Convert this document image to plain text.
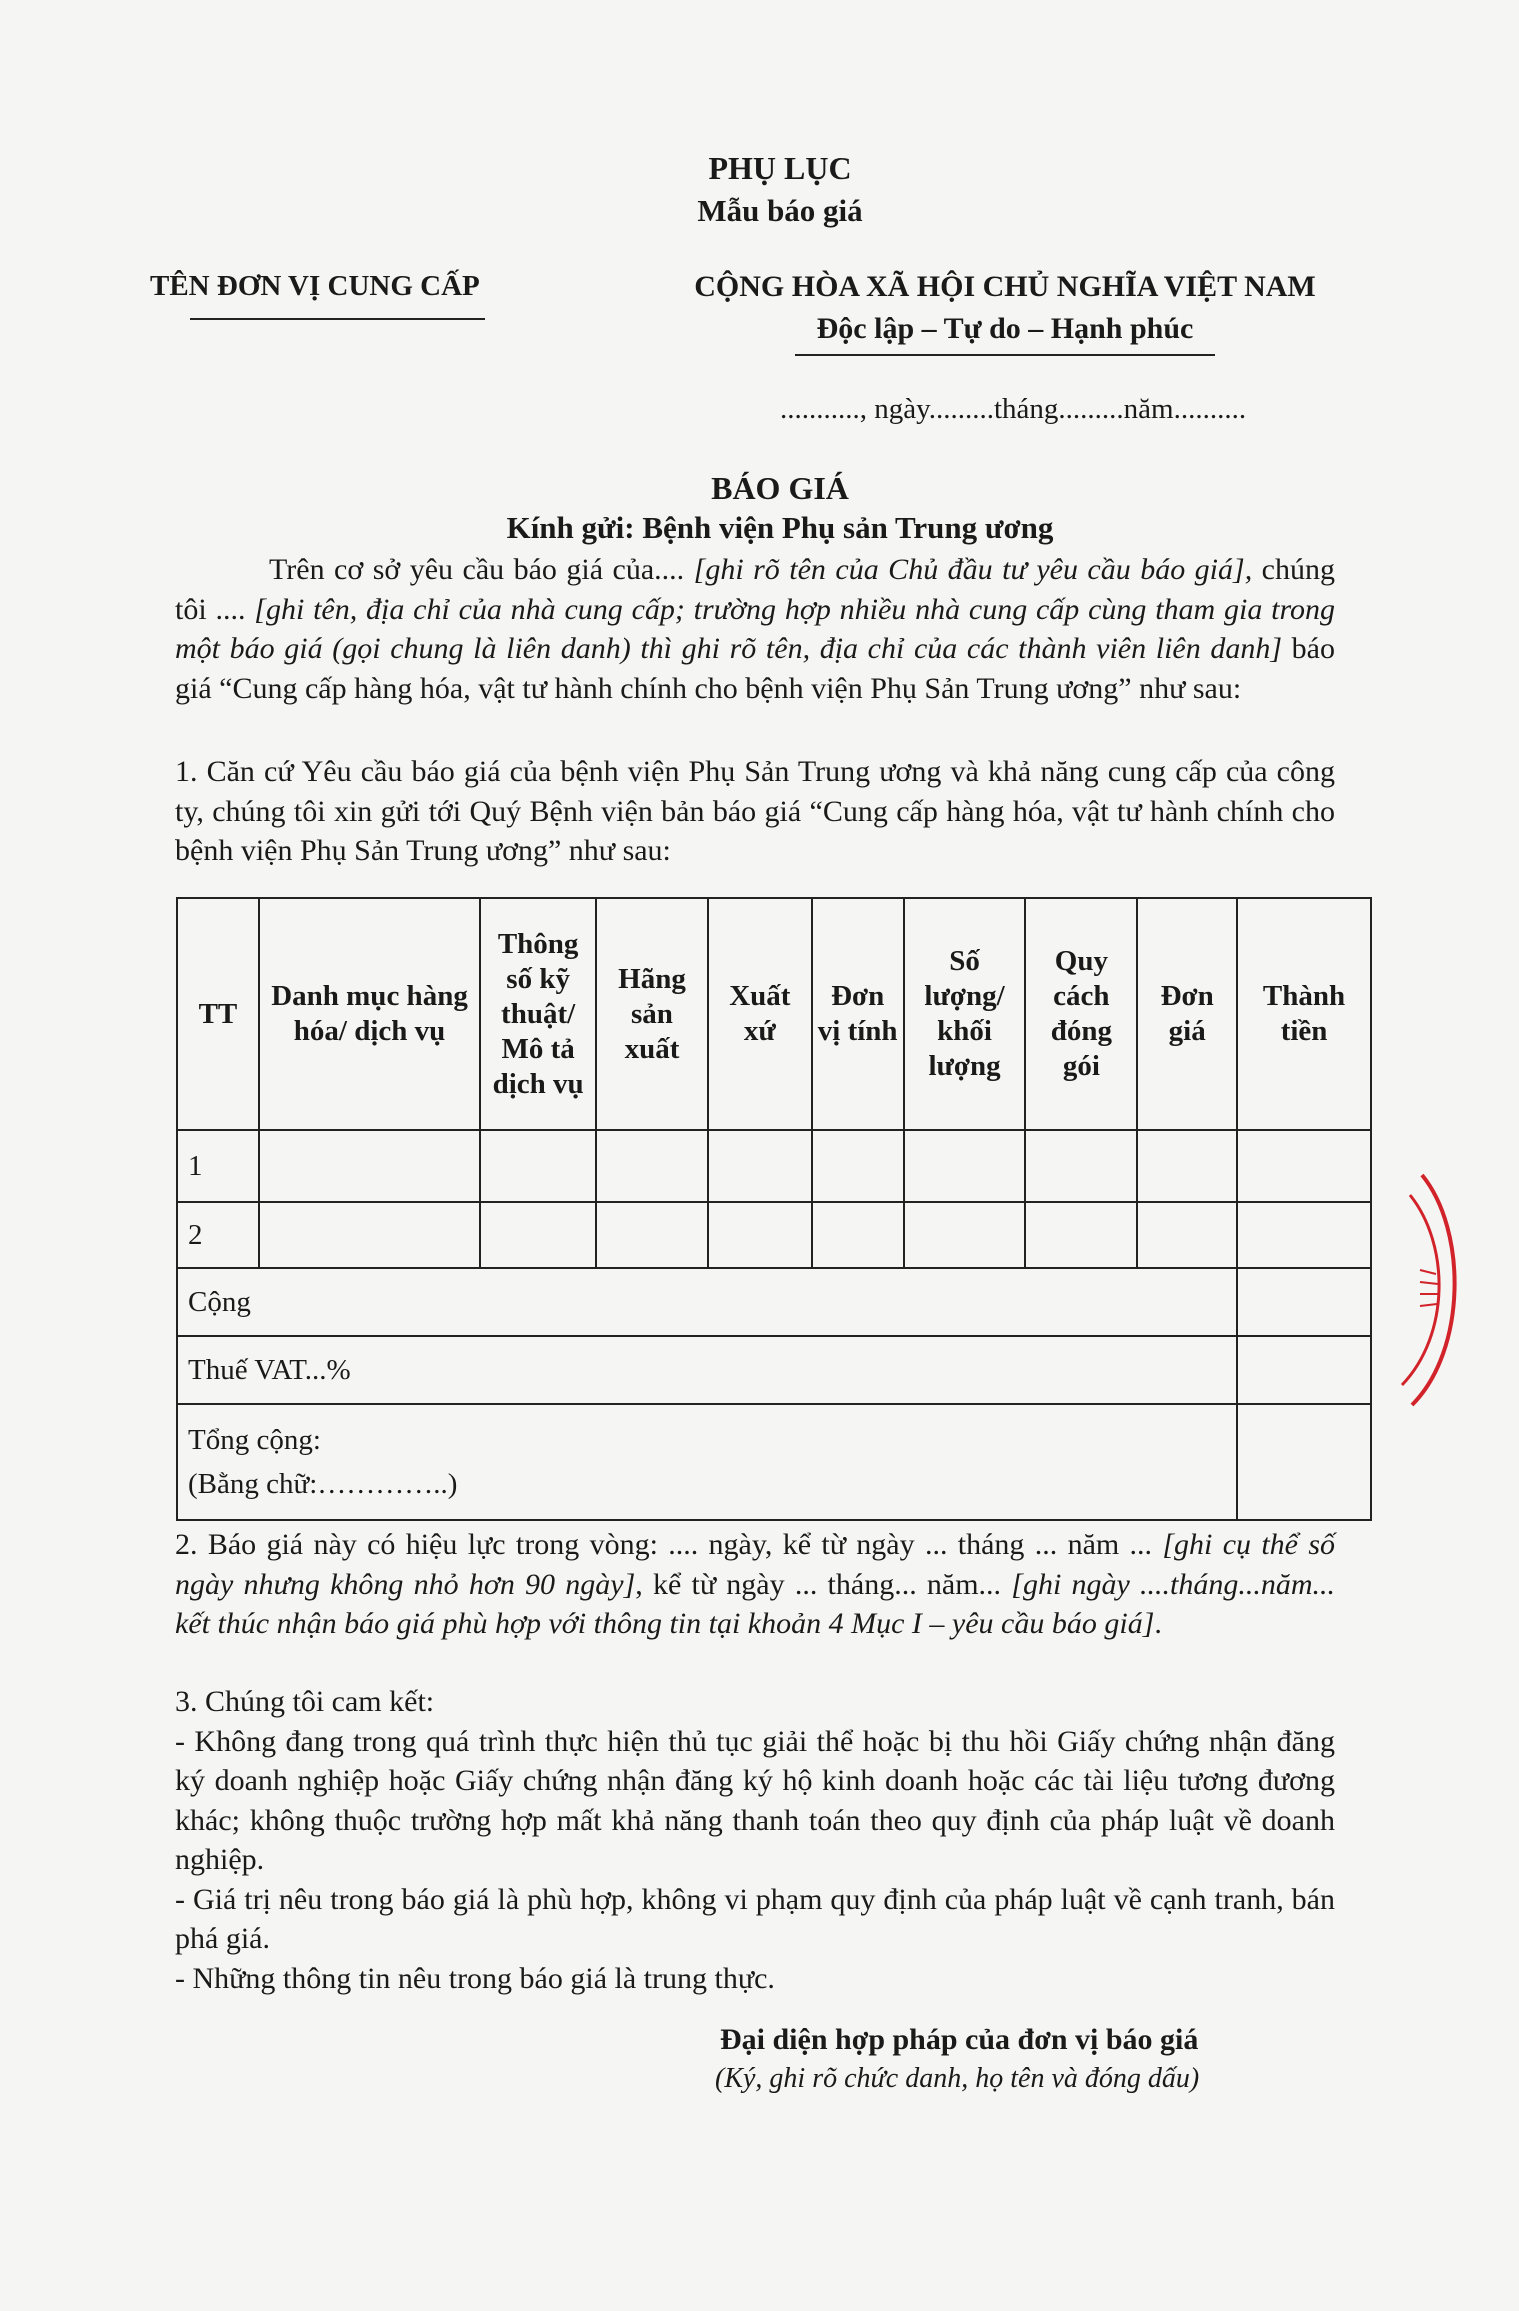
PHỤ LỤC
Mẫu báo giá
TÊN ĐƠN VỊ CUNG CẤP	CỘNG HÒA XÃ HỘI CHỦ NGHĨA VIỆT NAM
Độc lập – Tự do – Hạnh phúc
..........., ngày.........tháng.........năm..........
BÁO GIÁ
Kính gửi: Bệnh viện Phụ sản Trung ương
Trên cơ sở yêu cầu báo giá của.... [ghi rõ tên của Chủ đầu tư yêu cầu báo giá], chúng tôi .... [ghi tên, địa chỉ của nhà cung cấp; trường hợp nhiều nhà cung cấp cùng tham gia trong một báo giá (gọi chung là liên danh) thì ghi rõ tên, địa chỉ của các thành viên liên danh] báo giá “Cung cấp hàng hóa, vật tư hành chính cho bệnh viện Phụ Sản Trung ương” như sau:
1. Căn cứ Yêu cầu báo giá của bệnh viện Phụ Sản Trung ương và khả năng cung cấp của công ty, chúng tôi xin gửi tới Quý Bệnh viện bản báo giá “Cung cấp hàng hóa, vật tư hành chính cho bệnh viện Phụ Sản Trung ương” như sau:
TT	Danh mục hàng hóa/ dịch vụ	Thông số kỹ thuật/ Mô tả dịch vụ	Hãng sản xuất	Xuất xứ	Đơn vị tính	Số lượng/ khối lượng	Quy cách đóng gói	Đơn giá	Thành tiền
1									
2									
Cộng									
Thuế VAT...%									

Tổng cộng:
(Bằng chữ:…………..)									

2. Báo giá này có hiệu lực trong vòng: .... ngày, kể từ ngày ... tháng ... năm ... [ghi cụ thể số ngày nhưng không nhỏ hơn 90 ngày], kể từ ngày ... tháng... năm... [ghi ngày ....tháng...năm... kết thúc nhận báo giá phù hợp với thông tin tại khoản 4 Mục I – yêu cầu báo giá].
3. Chúng tôi cam kết:
- Không đang trong quá trình thực hiện thủ tục giải thể hoặc bị thu hồi Giấy chứng nhận đăng ký doanh nghiệp hoặc Giấy chứng nhận đăng ký hộ kinh doanh hoặc các tài liệu tương đương khác; không thuộc trường hợp mất khả năng thanh toán theo quy định của pháp luật về doanh nghiệp.
- Giá trị nêu trong báo giá là phù hợp, không vi phạm quy định của pháp luật về cạnh tranh, bán phá giá.
- Những thông tin nêu trong báo giá là trung thực.
Đại diện hợp pháp của đơn vị báo giá
(Ký, ghi rõ chức danh, họ tên và đóng dấu)
